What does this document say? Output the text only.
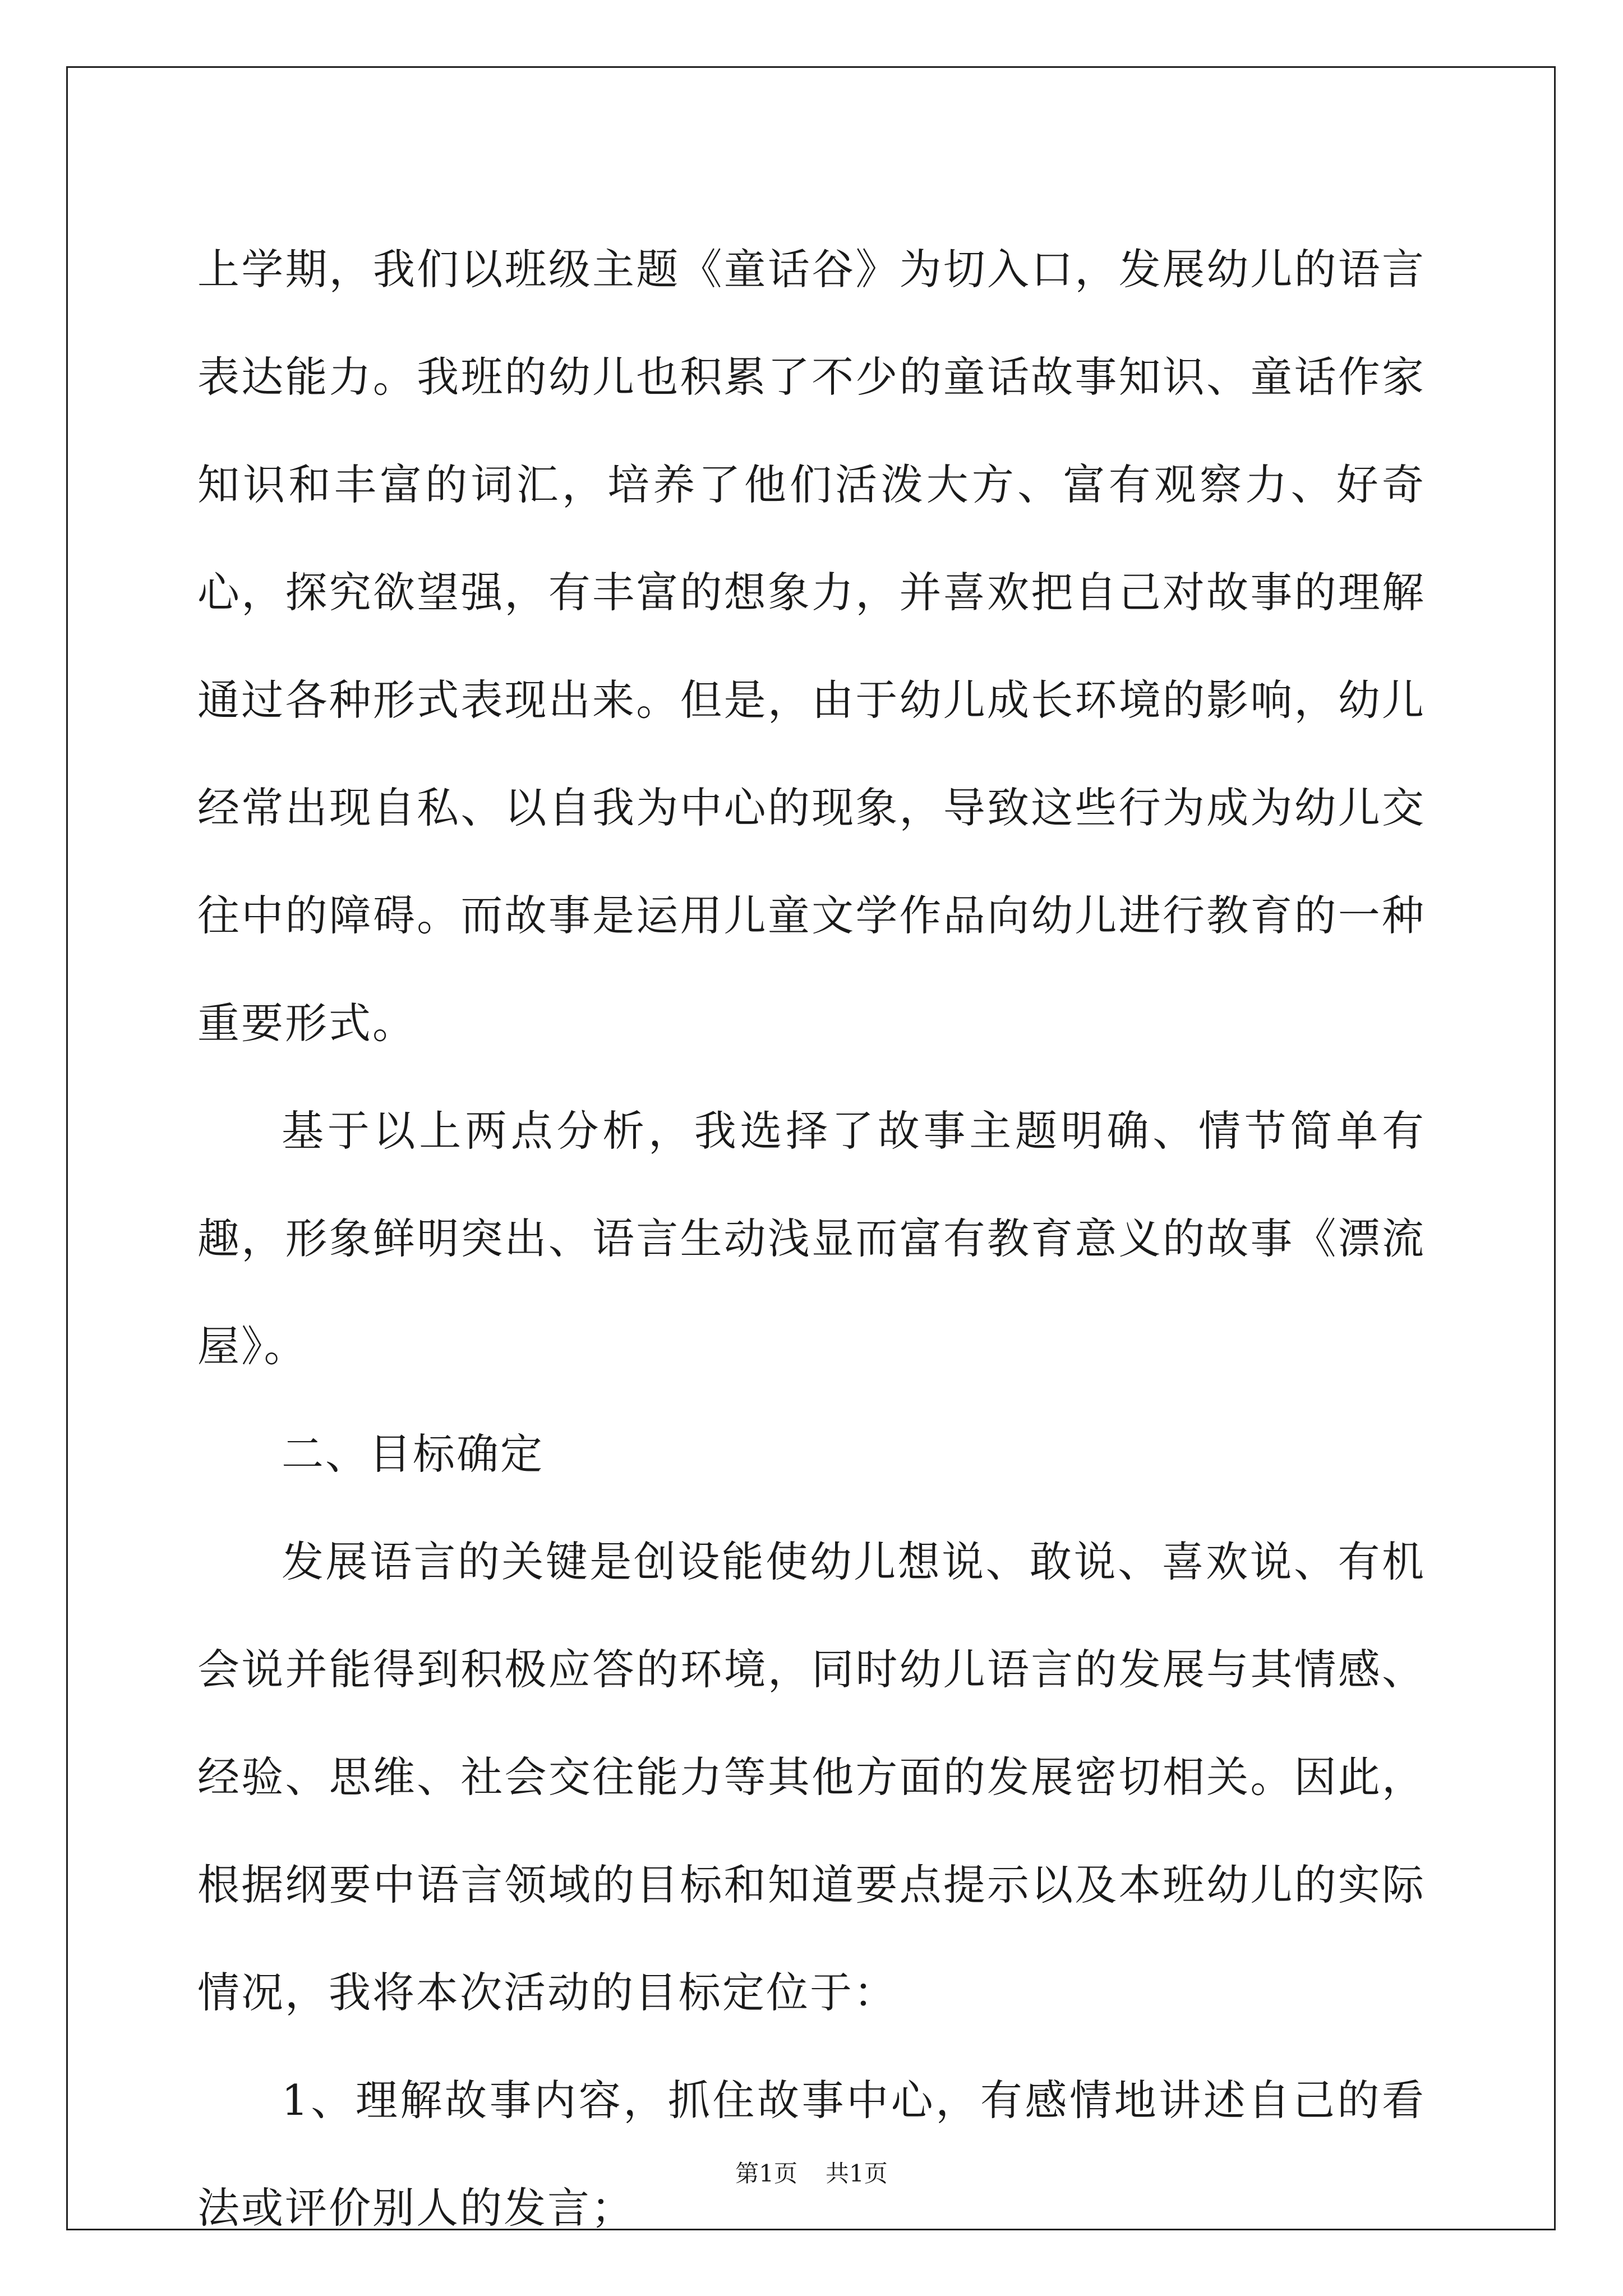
上学期，我们以班级主题《童话谷》为切入口，发展幼儿的语言表达能力。我班的幼儿也积累了不少的童话故事知识、童话作家知识和丰富的词汇，培养了他们活泼大方、富有观察力、好奇心，探究欲望强，有丰富的想象力，并喜欢把自己对故事的理解通过各种形式表现出来。但是，由于幼儿成长环境的影响，幼儿经常出现自私、以自我为中心的现象，导致这些行为成为幼儿交往中的障碍。而故事是运用儿童文学作品向幼儿进行教育的一种重要形式。

基于以上两点分析，我选择了故事主题明确、情节简单有趣，形象鲜明突出、语言生动浅显而富有教育意义的故事《漂流屋》。

二、目标确定

发展语言的关键是创设能使幼儿想说、敢说、喜欢说、有机会说并能得到积极应答的环境，同时幼儿语言的发展与其情感、经验、思维、社会交往能力等其他方面的发展密切相关。因此，根据纲要中语言领域的目标和知道要点提示以及本班幼儿的实际情况，我将本次活动的目标定位于：

1、理解故事内容，抓住故事中心，有感情地讲述自己的看法或评价别人的发言；

第1页 共1页
